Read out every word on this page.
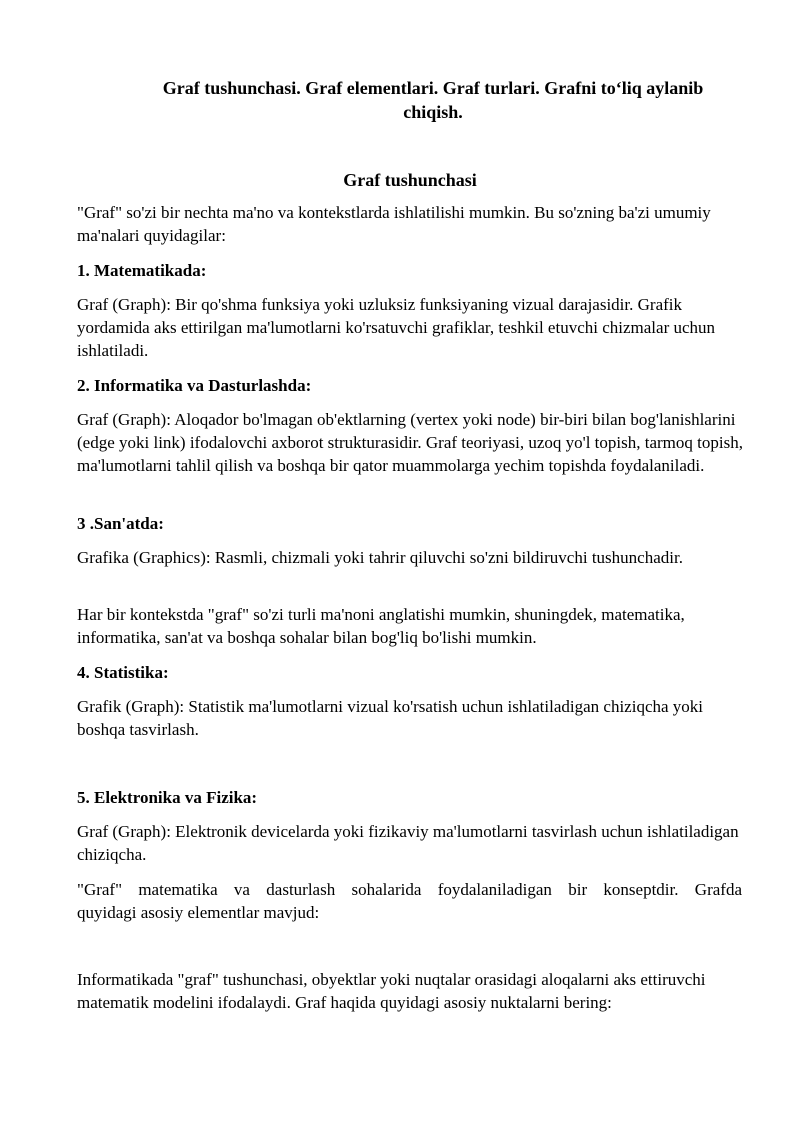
Graf tushunchasi. Graf elementlari. Graf turlari. Grafni to‘liq aylanib chiqish.
Graf tushunchasi

"Graf" so'zi bir nechta ma'no va kontekstlarda ishlatilishi mumkin. Bu so'zning ba'zi umumiy ma'nalari quyidagilar:

1. Matematikada:

Graf (Graph): Bir qo'shma funksiya yoki uzluksiz funksiyaning vizual darajasidir. Grafik yordamida aks ettirilgan ma'lumotlarni ko'rsatuvchi grafiklar, teshkil etuvchi chizmalar uchun ishlatiladi.

2. Informatika va Dasturlashda:

Graf (Graph): Aloqador bo'lmagan ob'ektlarning (vertex yoki node) bir-biri bilan bog'lanishlarini (edge yoki link) ifodalovchi axborot strukturasidir. Graf teoriyasi, uzoq yo'l topish, tarmoq topish, ma'lumotlarni tahlil qilish va boshqa bir qator muammolarga yechim topishda foydalaniladi.

3 .San'atda:

Grafika (Graphics): Rasmli, chizmali yoki tahrir qiluvchi so'zni bildiruvchi tushunchadir.

Har bir kontekstda "graf" so'zi turli ma'noni anglatishi mumkin, shuningdek, matematika, informatika, san'at va boshqa sohalar bilan bog'liq bo'lishi mumkin.

4. Statistika:

Grafik (Graph): Statistik ma'lumotlarni vizual ko'rsatish uchun ishlatiladigan chiziqcha yoki boshqa tasvirlash.

5. Elektronika va Fizika:

Graf (Graph): Elektronik devicelarda yoki fizikaviy ma'lumotlarni tasvirlash uchun ishlatiladigan chiziqcha.

"Graf" matematika va dasturlash sohalarida foydalaniladigan bir konseptdir. Grafda
quyidagi asosiy elementlar mavjud:

Informatikada "graf" tushunchasi, obyektlar yoki nuqtalar orasidagi aloqalarni aks ettiruvchi matematik modelini ifodalaydi. Graf haqida quyidagi asosiy nuktalarni bering:
